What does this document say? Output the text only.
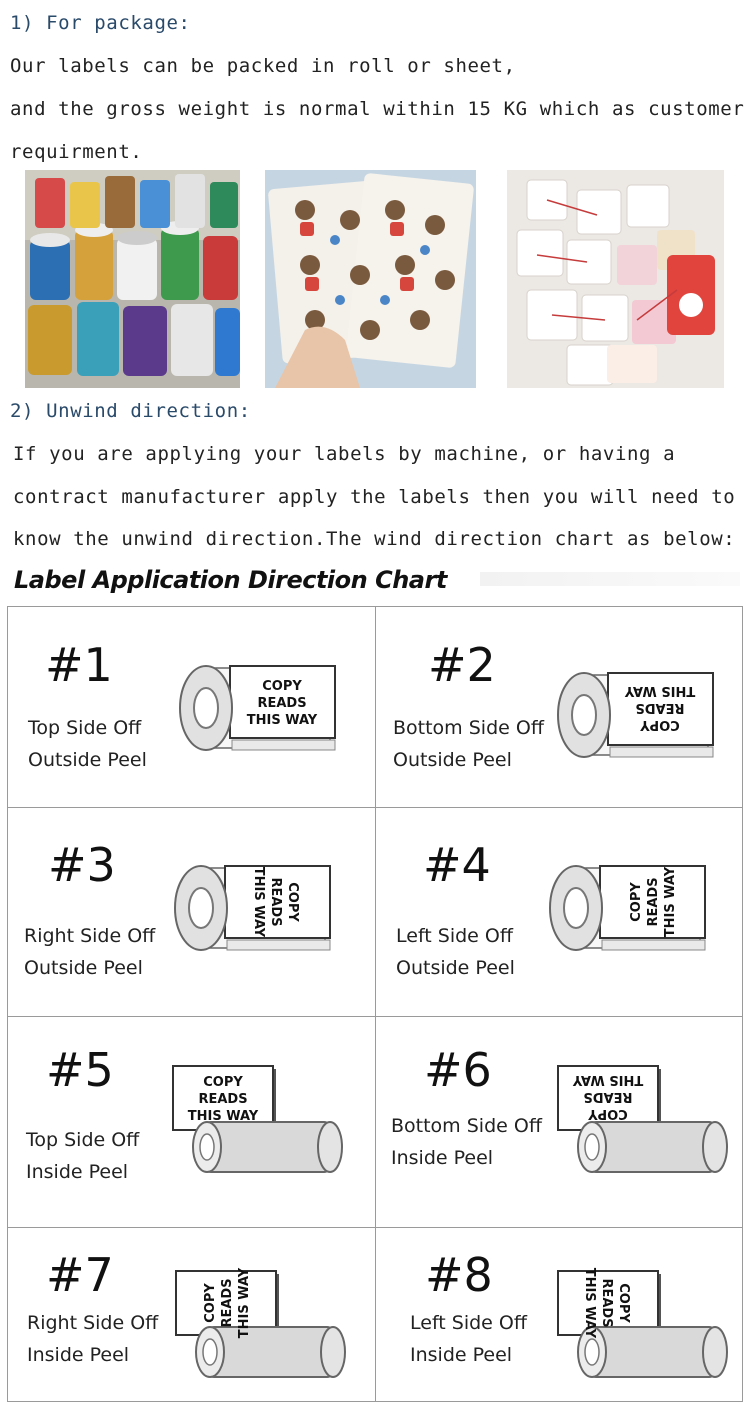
1) For package:
Our labels can be packed in roll or sheet,
and the gross weight is normal within 15 KG which as customer
requirment.
2) Unwind direction:
If you are applying your labels by machine, or having a
contract manufacturer apply the labels then you will need to
know the unwind direction.The wind direction chart as below:
Label Application Direction Chart
#1
Top Side Off
Outside Peel
COPY
READS
THIS WAY
#2
Bottom Side Off
Outside Peel
COPY
READS
THIS WAY
#3
Right Side Off
Outside Peel
COPY
READS
THIS WAY
#4
Left Side Off
Outside Peel
COPY READS THIS WAY
#5
Top Side Off
Inside Peel
COPY
READS
THIS WAY
#6
Bottom Side Off
Inside Peel
COPY
READS
THIS WAY
#7
Right Side Off
Inside Peel
COPY READS THIS WAY	#8
Left Side Off
Inside Peel
COPY
READS
THIS WAY
